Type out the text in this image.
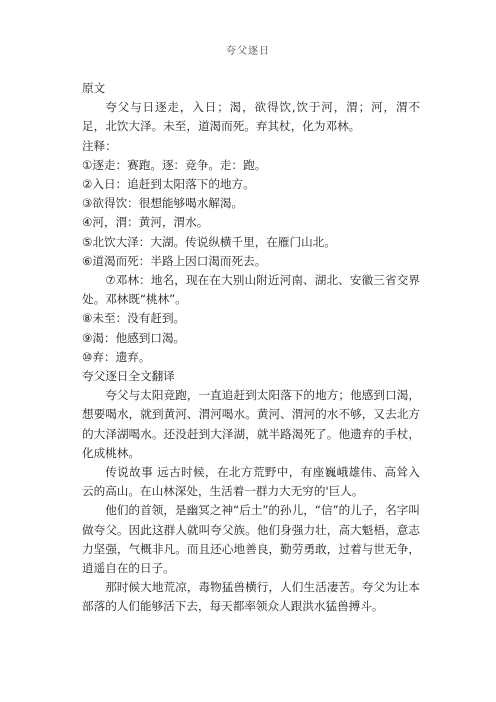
夸父逐日

原文

夸父与日逐走，入日；渴，欲得饮,饮于河，渭；河，渭不足，北饮大泽。未至，道渴而死。弃其杖，化为邓林。

注释：

①逐走：赛跑。逐：竞争。走：跑。

②入日：追赶到太阳落下的地方。

③欲得饮：很想能够喝水解渴。

④河，渭：黄河，渭水。

⑤北饮大泽：大湖。传说纵横千里，在雁门山北。

⑥道渴而死：半路上因口渴而死去。

⑦邓林：地名，现在在大别山附近河南、湖北、安徽三省交界处。邓林既“桃林”。

⑧未至：没有赶到。

⑨渴：他感到口渴。

⑩弃：遗弃。

夸父逐日全文翻译

夸父与太阳竞跑，一直追赶到太阳落下的地方；他感到口渴，想要喝水，就到黄河、渭河喝水。黄河、渭河的水不够，又去北方的大泽湖喝水。还没赶到大泽湖，就半路渴死了。他遗弃的手杖，化成桃林。

传说故事 远古时候，在北方荒野中，有座巍峨雄伟、高耸入云的高山。在山林深处，生活着一群力大无穷的'巨人。

他们的首领，是幽冥之神“后土”的孙儿，“信”的儿子，名字叫做夸父。因此这群人就叫夸父族。他们身强力壮，高大魁梧，意志力坚强，气概非凡。而且还心地善良，勤劳勇敢，过着与世无争，逍遥自在的日子。

那时候大地荒凉，毒物猛兽横行，人们生活凄苦。夸父为让本部落的人们能够活下去，每天都率领众人跟洪水猛兽搏斗。
